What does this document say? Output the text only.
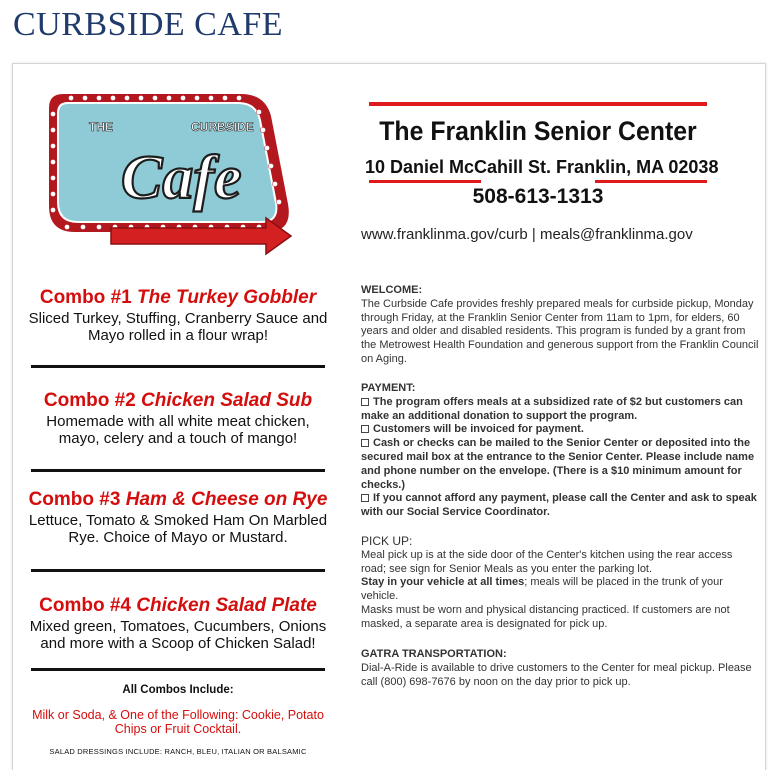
CURBSIDE CAFE
THE	CURBSIDE
Cafe
The Franklin Senior Center
10 Daniel McCahill St. Franklin, MA 02038
508-613-1313
www.franklinma.gov/curb | meals@franklinma.gov
Combo #1 The Turkey Gobbler
Sliced Turkey, Stuffing, Cranberry Sauce and Mayo rolled in a flour wrap!
Combo #2 Chicken Salad Sub
Homemade with all white meat chicken, mayo, celery and a touch of mango!
Combo #3 Ham & Cheese on Rye
Lettuce, Tomato & Smoked Ham On Marbled Rye. Choice of Mayo or Mustard.
Combo #4 Chicken Salad Plate
Mixed green, Tomatoes, Cucumbers, Onions and more with a Scoop of Chicken Salad!
All Combos Include:
Milk or Soda, & One of the Following: Cookie, Potato Chips or Fruit Cocktail.
SALAD DRESSINGS INCLUDE: RANCH, BLEU, ITALIAN OR BALSAMIC
WELCOME:

The Curbside Cafe provides freshly prepared meals for curbside pickup, Monday through Friday, at the Franklin Senior Center from 11am to 1pm, for elders, 60 years and older and disabled residents. This program is funded by a grant from the Metrowest Health Foundation and generous support from the Franklin Council on Aging.

PAYMENT:

The program offers meals at a subsidized rate of $2 but customers can make an additional donation to support the program.

Customers will be invoiced for payment.

Cash or checks can be mailed to the Senior Center or deposited into the secured mail box at the entrance to the Senior Center. Please include name and phone number on the envelope. (There is a $10 minimum amount for checks.)

If you cannot afford any payment, please call the Center and ask to speak with our Social Service Coordinator.

PICK UP:

Meal pick up is at the side door of the Center's kitchen using the rear access road; see sign for Senior Meals as you enter the parking lot.

Stay in your vehicle at all times; meals will be placed in the trunk of your vehicle.

Masks must be worn and physical distancing practiced. If customers are not masked, a separate area is designated for pick up.

GATRA TRANSPORTATION:

Dial-A-Ride is available to drive customers to the Center for meal pickup. Please call (800) 698-7676 by noon on the day prior to pick up.
